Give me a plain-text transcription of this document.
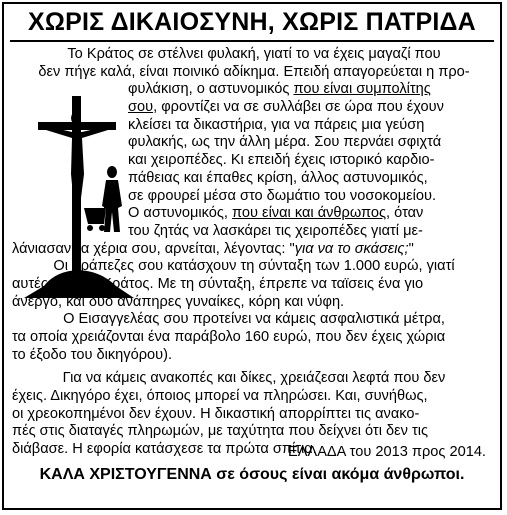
ΧΩΡΙΣ ΔΙΚΑΙΟΣΥΝΗ, ΧΩΡΙΣ ΠΑΤΡΙΔΑ
Το Κράτος σε στέλνει φυλακή, γιατί το να έχεις μαγαζί που
δεν πήγε καλά, είναι ποινικό αδίκημα. Επειδή απαγορεύεται η προ-
φυλάκιση, ο αστυνομικός που είναι συμπολίτης
σου, φροντίζει να σε συλλάβει σε ώρα που έχουν
κλείσει τα δικαστήρια, για να πάρεις μια γεύση
φυλακής, ως την άλλη μέρα. Σου περνάει σφιχτά
και χειροπέδες. Κι επειδή έχεις ιστορικό καρδιο-
πάθειας και έπαθες κρίση, άλλος αστυνομικός,
σε φρουρεί μέσα στο δωμάτιο του νοσοκομείου.
Ο αστυνομικός, που είναι και άνθρωπος, όταν
του ζητάς να λασκάρει τις χειροπέδες γιατί με-
λάνιασαν τα χέρια σου, αρνείται, λέγοντας: "για να το σκάσεις;"
Οι Τράπεζες σου κατάσχουν τη σύνταξη των 1.000 ευρώ, γιατί
αυτές είναι το Κράτος. Με τη σύνταξη, έπρεπε να ταϊσεις ένα γιο
άνεργο, και δυο ανάπηρες γυναίκες, κόρη και νύφη.
Ο Εισαγγελέας σου προτείνει να κάμεις ασφαλιστικά μέτρα,
τα οποία χρειάζονται ένα παράβολο 160 ευρώ, που δεν έχεις χώρια
το έξοδο του δικηγόρου).
Για να κάμεις ανακοπές και δίκες, χρειάζεσαι λεφτά που δεν
έχεις. Δικηγόρο έχει, όποιος μπορεί να πληρώσει. Και, συνήθως,
οι χρεοκοπημένοι δεν έχουν. Η δικαστική απορρίπτει τις ανακο-
πές στις διαταγές πληρωμών, με ταχύτητα που δείχνει ότι δεν τις
διάβασε. Η εφορία κατάσχεσε τα πρώτα σπίτια.
ΕΛΛΑΔΑ του 2013 προς 2014.
ΚΑΛΑ ΧΡΙΣΤΟΥΓΕΝΝΑ σε όσους είναι ακόμα άνθρωποι.
